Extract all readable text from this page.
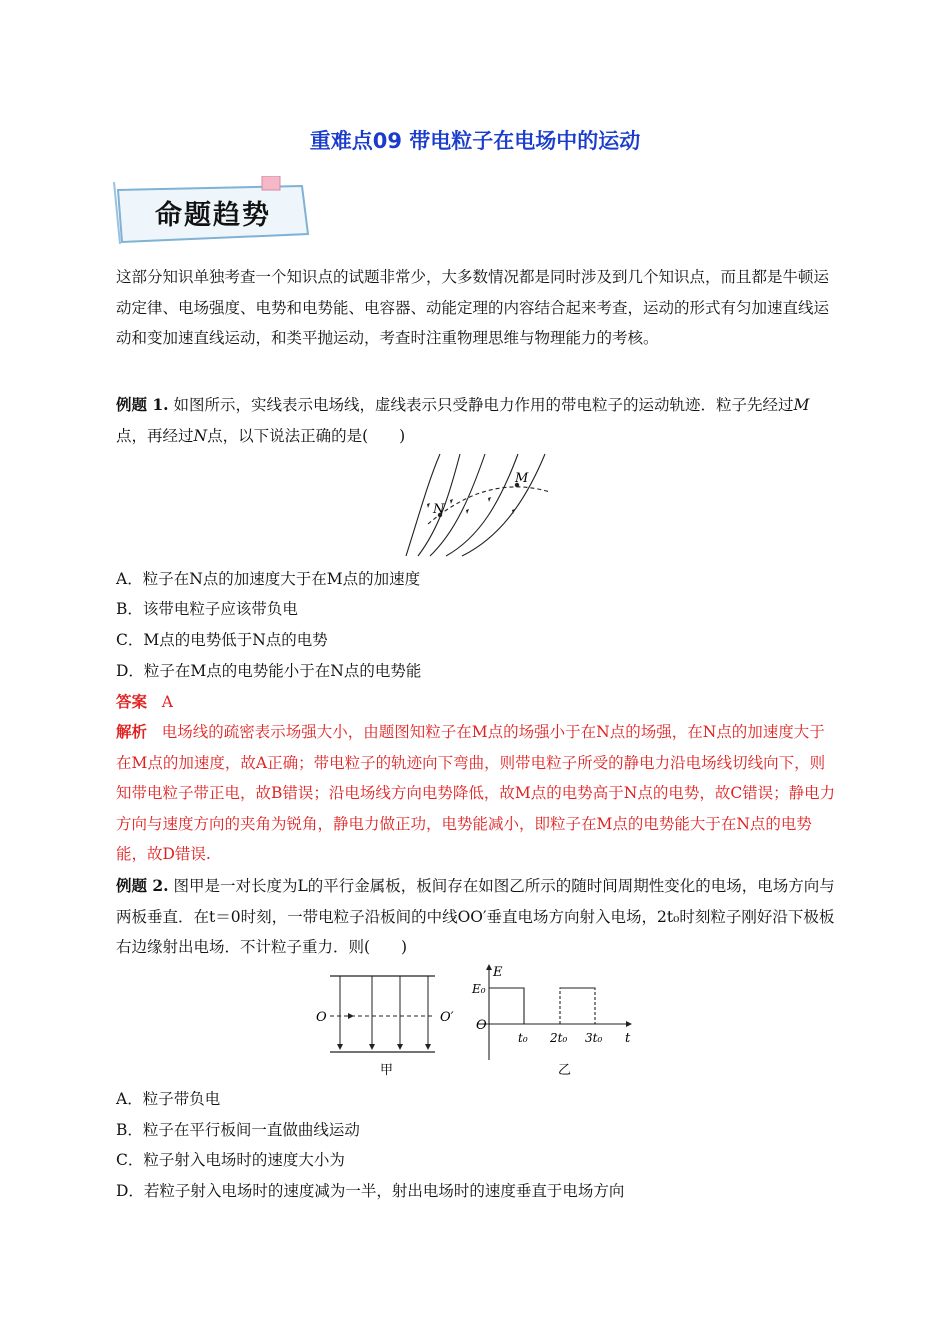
重难点09 带电粒子在电场中的运动
命题趋势
这部分知识单独考查一个知识点的试题非常少，大多数情况都是同时涉及到几个知识点，而且都是牛顿运动定律、电场强度、电势和电势能、电容器、动能定理的内容结合起来考查，运动的形式有匀加速直线运动和变加速直线运动，和类平抛运动，考查时注重物理思维与物理能力的考核。
例题 1. 如图所示，实线表示电场线，虚线表示只受静电力作用的带电粒子的运动轨迹．粒子先经过M点，再经过N点，以下说法正确的是(　　)
M
N
A．粒子在N点的加速度大于在M点的加速度
B．该带电粒子应该带负电
C．M点的电势低于N点的电势
D．粒子在M点的电势能小于在N点的电势能
答案 A
解析 电场线的疏密表示场强大小，由题图知粒子在M点的场强小于在N点的场强，在N点的加速度大于在M点的加速度，故A正确；带电粒子的轨迹向下弯曲，则带电粒子所受的静电力沿电场线切线向下，则知带电粒子带正电，故B错误；沿电场线方向电势降低，故M点的电势高于N点的电势，故C错误；静电力方向与速度方向的夹角为锐角，静电力做正功，电势能减小，即粒子在M点的电势能大于在N点的电势能，故D错误.
例题 2. 图甲是一对长度为L的平行金属板，板间存在如图乙所示的随时间周期性变化的电场，电场方向与两板垂直．在t＝0时刻，一带电粒子沿板间的中线OO′垂直电场方向射入电场，2t₀时刻粒子刚好沿下极板右边缘射出电场．不计粒子重力．则(　　)
O	O′
甲
E
E₀
O
t₀ 2t₀ 3t₀ t
乙
A．粒子带负电
B．粒子在平行板间一直做曲线运动
C．粒子射入电场时的速度大小为
D．若粒子射入电场时的速度减为一半，射出电场时的速度垂直于电场方向
